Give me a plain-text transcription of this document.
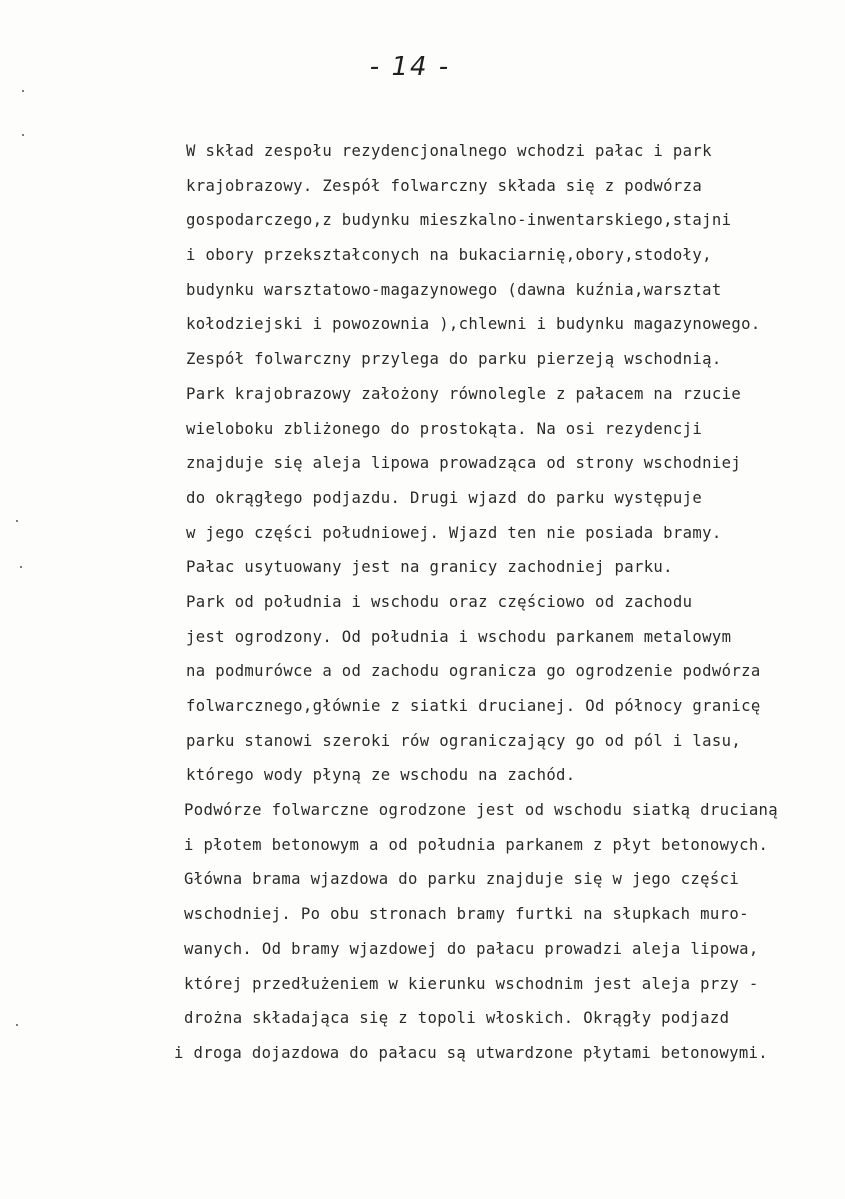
- 14 -
W skład zespołu rezydencjonalnego wchodzi pałac i park
krajobrazowy. Zespół folwarczny składa się z podwórza
gospodarczego,z budynku mieszkalno-inwentarskiego,stajni
i obory przekształconych na bukaciarnię,obory,stodoły,
budynku warsztatowo-magazynowego (dawna kuźnia,warsztat
kołodziejski i powozownia ),chlewni i budynku magazynowego.
Zespół folwarczny przylega do parku pierzeją wschodnią.
Park krajobrazowy założony równolegle z pałacem na rzucie
wieloboku zbliżonego do prostokąta. Na osi rezydencji
znajduje się aleja lipowa prowadząca od strony wschodniej
do okrągłego podjazdu. Drugi wjazd do parku występuje
w jego części południowej. Wjazd ten nie posiada bramy.
Pałac usytuowany jest na granicy zachodniej parku.
Park od południa i wschodu oraz częściowo od zachodu
jest ogrodzony. Od południa i wschodu parkanem metalowym
na podmurówce a od zachodu ogranicza go ogrodzenie podwórza
folwarcznego,głównie z siatki drucianej. Od północy granicę
parku stanowi szeroki rów ograniczający go od pól i lasu,
którego wody płyną ze wschodu na zachód.
Podwórze folwarczne ogrodzone jest od wschodu siatką drucianą
i płotem betonowym a od południa parkanem z płyt betonowych.
Główna brama wjazdowa do parku znajduje się w jego części
wschodniej. Po obu stronach bramy furtki na słupkach muro-
wanych. Od bramy wjazdowej do pałacu prowadzi aleja lipowa,
której przedłużeniem w kierunku wschodnim jest aleja przy -
drożna składająca się z topoli włoskich. Okrągły podjazd
i droga dojazdowa do pałacu są utwardzone płytami betonowymi.
